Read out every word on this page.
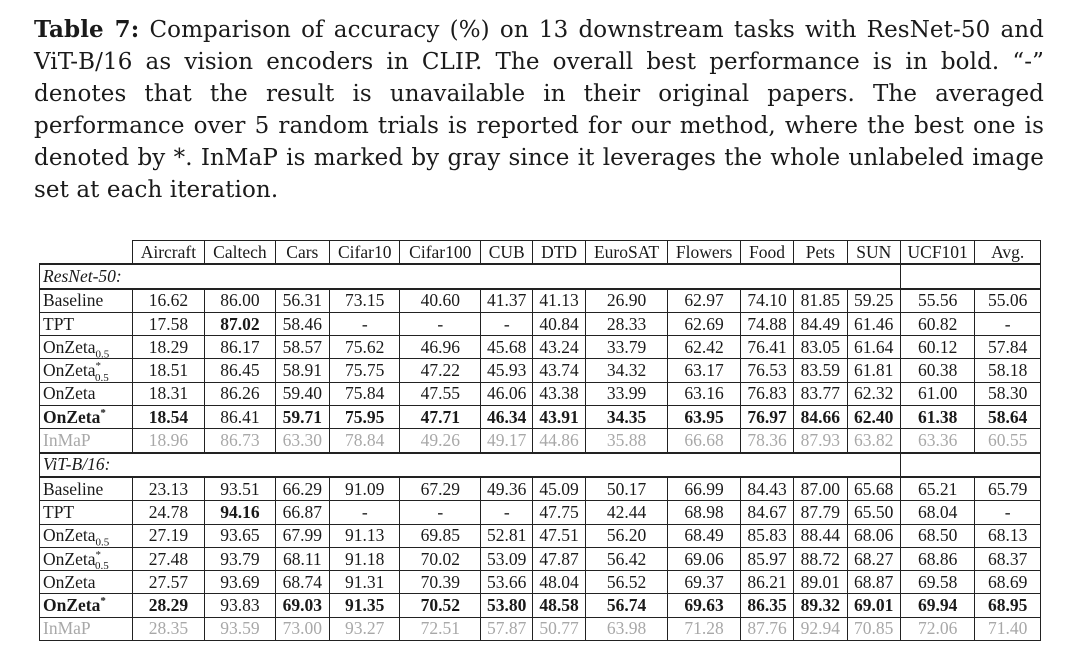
Table 7: Comparison of accuracy (%) on 13 downstream tasks with ResNet-50 and ViT-B/16 as vision encoders in CLIP. The overall best performance is in bold. “-” denotes that the result is unavailable in their original papers. The averaged performance over 5 random trials is reported for our method, where the best one is denoted by *. InMaP is marked by gray since it leverages the whole unlabeled image set at each iteration.
	Aircraft	Caltech	Cars	Cifar10	Cifar100	CUB	DTD	EuroSAT	Flowers	Food	Pets	SUN	UCF101	Avg.
ResNet-50:														
Baseline	16.62	86.00	56.31	73.15	40.60	41.37	41.13	26.90	62.97	74.10	81.85	59.25	55.56	55.06
TPT	17.58	87.02	58.46	-	-	-	40.84	28.33	62.69	74.88	84.49	61.46	60.82	-
OnZeta$_{0.5}$	18.29	86.17	58.57	75.62	46.96	45.68	43.24	33.79	62.42	76.41	83.05	61.64	60.12	57.84
OnZeta*$_{0.5}$	18.51	86.45	58.91	75.75	47.22	45.93	43.74	34.32	63.17	76.53	83.59	61.81	60.38	58.18
OnZeta	18.31	86.26	59.40	75.84	47.55	46.06	43.38	33.99	63.16	76.83	83.77	62.32	61.00	58.30
OnZeta*	18.54	86.41	59.71	75.95	47.71	46.34	43.91	34.35	63.95	76.97	84.66	62.40	61.38	58.64
InMaP	18.96	86.73	63.30	78.84	49.26	49.17	44.86	35.88	66.68	78.36	87.93	63.82	63.36	60.55
ViT-B/16:														
Baseline	23.13	93.51	66.29	91.09	67.29	49.36	45.09	50.17	66.99	84.43	87.00	65.68	65.21	65.79
TPT	24.78	94.16	66.87	-	-	-	47.75	42.44	68.98	84.67	87.79	65.50	68.04	-
OnZeta$_{0.5}$	27.19	93.65	67.99	91.13	69.85	52.81	47.51	56.20	68.49	85.83	88.44	68.06	68.50	68.13
OnZeta*$_{0.5}$	27.48	93.79	68.11	91.18	70.02	53.09	47.87	56.42	69.06	85.97	88.72	68.27	68.86	68.37
OnZeta	27.57	93.69	68.74	91.31	70.39	53.66	48.04	56.52	69.37	86.21	89.01	68.87	69.58	68.69
OnZeta*	28.29	93.83	69.03	91.35	70.52	53.80	48.58	56.74	69.63	86.35	89.32	69.01	69.94	68.95
InMaP	28.35	93.59	73.00	93.27	72.51	57.87	50.77	63.98	71.28	87.76	92.94	70.85	72.06	71.40
